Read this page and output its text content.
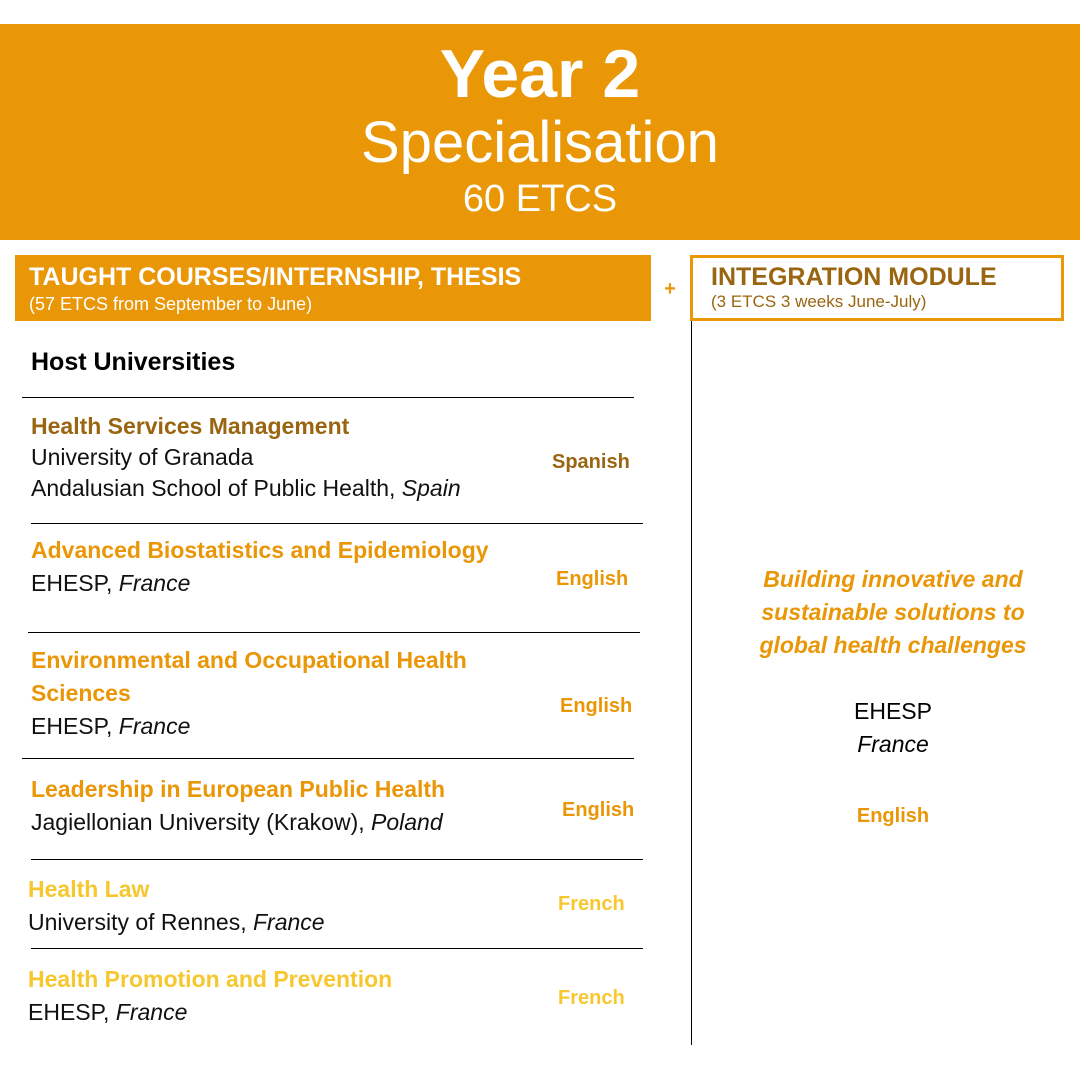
Year 2
Specialisation
60 ETCS
TAUGHT COURSES/INTERNSHIP, THESIS
(57 ETCS from September to June)
+ INTEGRATION MODULE
(3 ETCS 3 weeks June-July)
Host Universities
Health Services Management
University of Granada
Andalusian School of Public Health, Spain
Spanish
Advanced Biostatistics and Epidemiology
EHESP, France	English
Environmental and Occupational Health
Sciences
EHESP, France
English
Leadership in European Public Health
Jagiellonian University (Krakow), Poland	English
Health Law
University of Rennes, France
French
Health Promotion and Prevention
EHESP, France
French
Building innovative and
sustainable solutions to
global health challenges
EHESP
France
English
